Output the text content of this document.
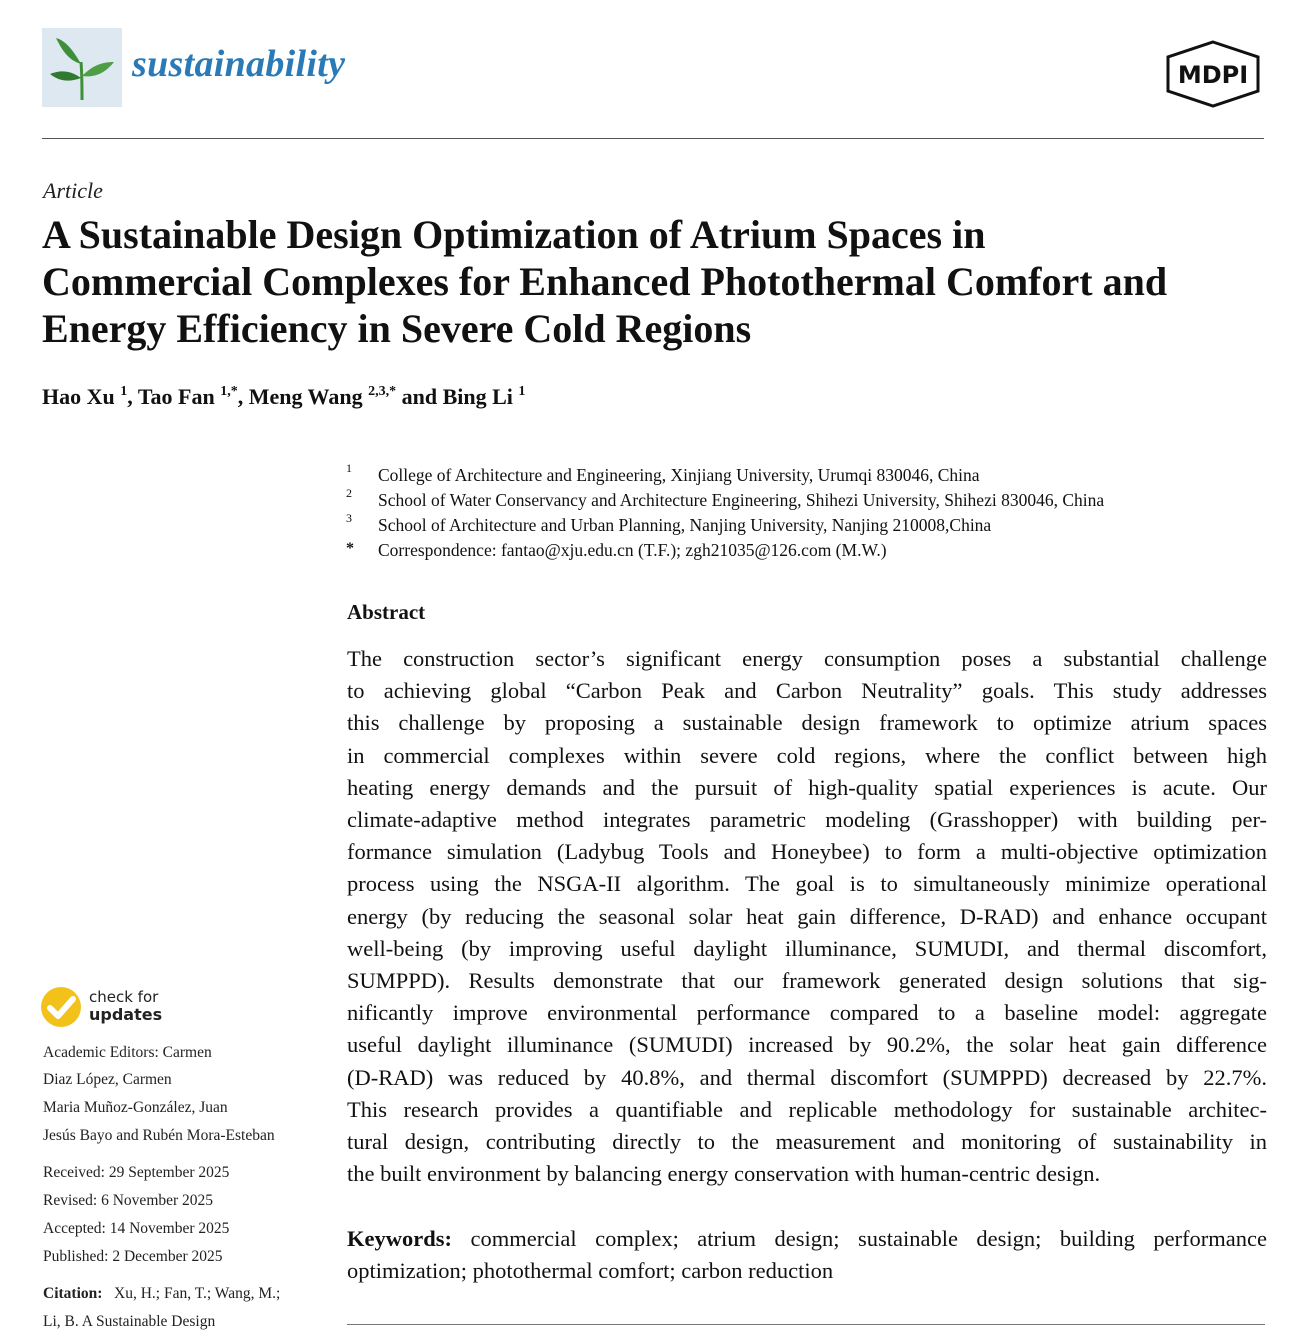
sustainability	MDPI
Article
A Sustainable Design Optimization of Atrium Spaces in
Commercial Complexes for Enhanced Photothermal Comfort and
Energy Efficiency in Severe Cold Regions
Hao Xu $^1$, Tao Fan $^{1,*}$, Meng Wang $^{2,3,*}$ and Bing Li $^1$
1 College of Architecture and Engineering, Xinjiang University, Urumqi 830046, China
2 School of Water Conservancy and Architecture Engineering, Shihezi University, Shihezi 830046, China
3 School of Architecture and Urban Planning, Nanjing University, Nanjing 210008,China
* Correspondence: fantao@xju.edu.cn (T.F.); zgh21035@126.com (M.W.)
Abstract
The construction sector’s significant energy consumption poses a substantial challenge
to achieving global “Carbon Peak and Carbon Neutrality” goals. This study addresses
this challenge by proposing a sustainable design framework to optimize atrium spaces
in commercial complexes within severe cold regions, where the conflict between high
heating energy demands and the pursuit of high-quality spatial experiences is acute. Our
climate-adaptive method integrates parametric modeling (Grasshopper) with building per-
formance simulation (Ladybug Tools and Honeybee) to form a multi-objective optimization
process using the NSGA-II algorithm. The goal is to simultaneously minimize operational
energy (by reducing the seasonal solar heat gain difference, D-RAD) and enhance occupant
well-being (by improving useful daylight illuminance, SUMUDI, and thermal discomfort,
SUMPPD). Results demonstrate that our framework generated design solutions that sig-
nificantly improve environmental performance compared to a baseline model: aggregate
useful daylight illuminance (SUMUDI) increased by 90.2%, the solar heat gain difference
(D-RAD) was reduced by 40.8%, and thermal discomfort (SUMPPD) decreased by 22.7%.
This research provides a quantifiable and replicable methodology for sustainable architec-
tural design, contributing directly to the measurement and monitoring of sustainability in
the built environment by balancing energy conservation with human-centric design.
Keywords: commercial complex; atrium design; sustainable design; building performance
optimization; photothermal comfort; carbon reduction
check for
updates
Academic Editors: Carmen
Diaz López, Carmen
Maria Muñoz-González, Juan
Jesús Bayo and Rubén Mora-Esteban
Received: 29 September 2025
Revised: 6 November 2025
Accepted: 14 November 2025
Published: 2 December 2025
Citation: Xu, H.; Fan, T.; Wang, M.;
Li, B. A Sustainable Design
